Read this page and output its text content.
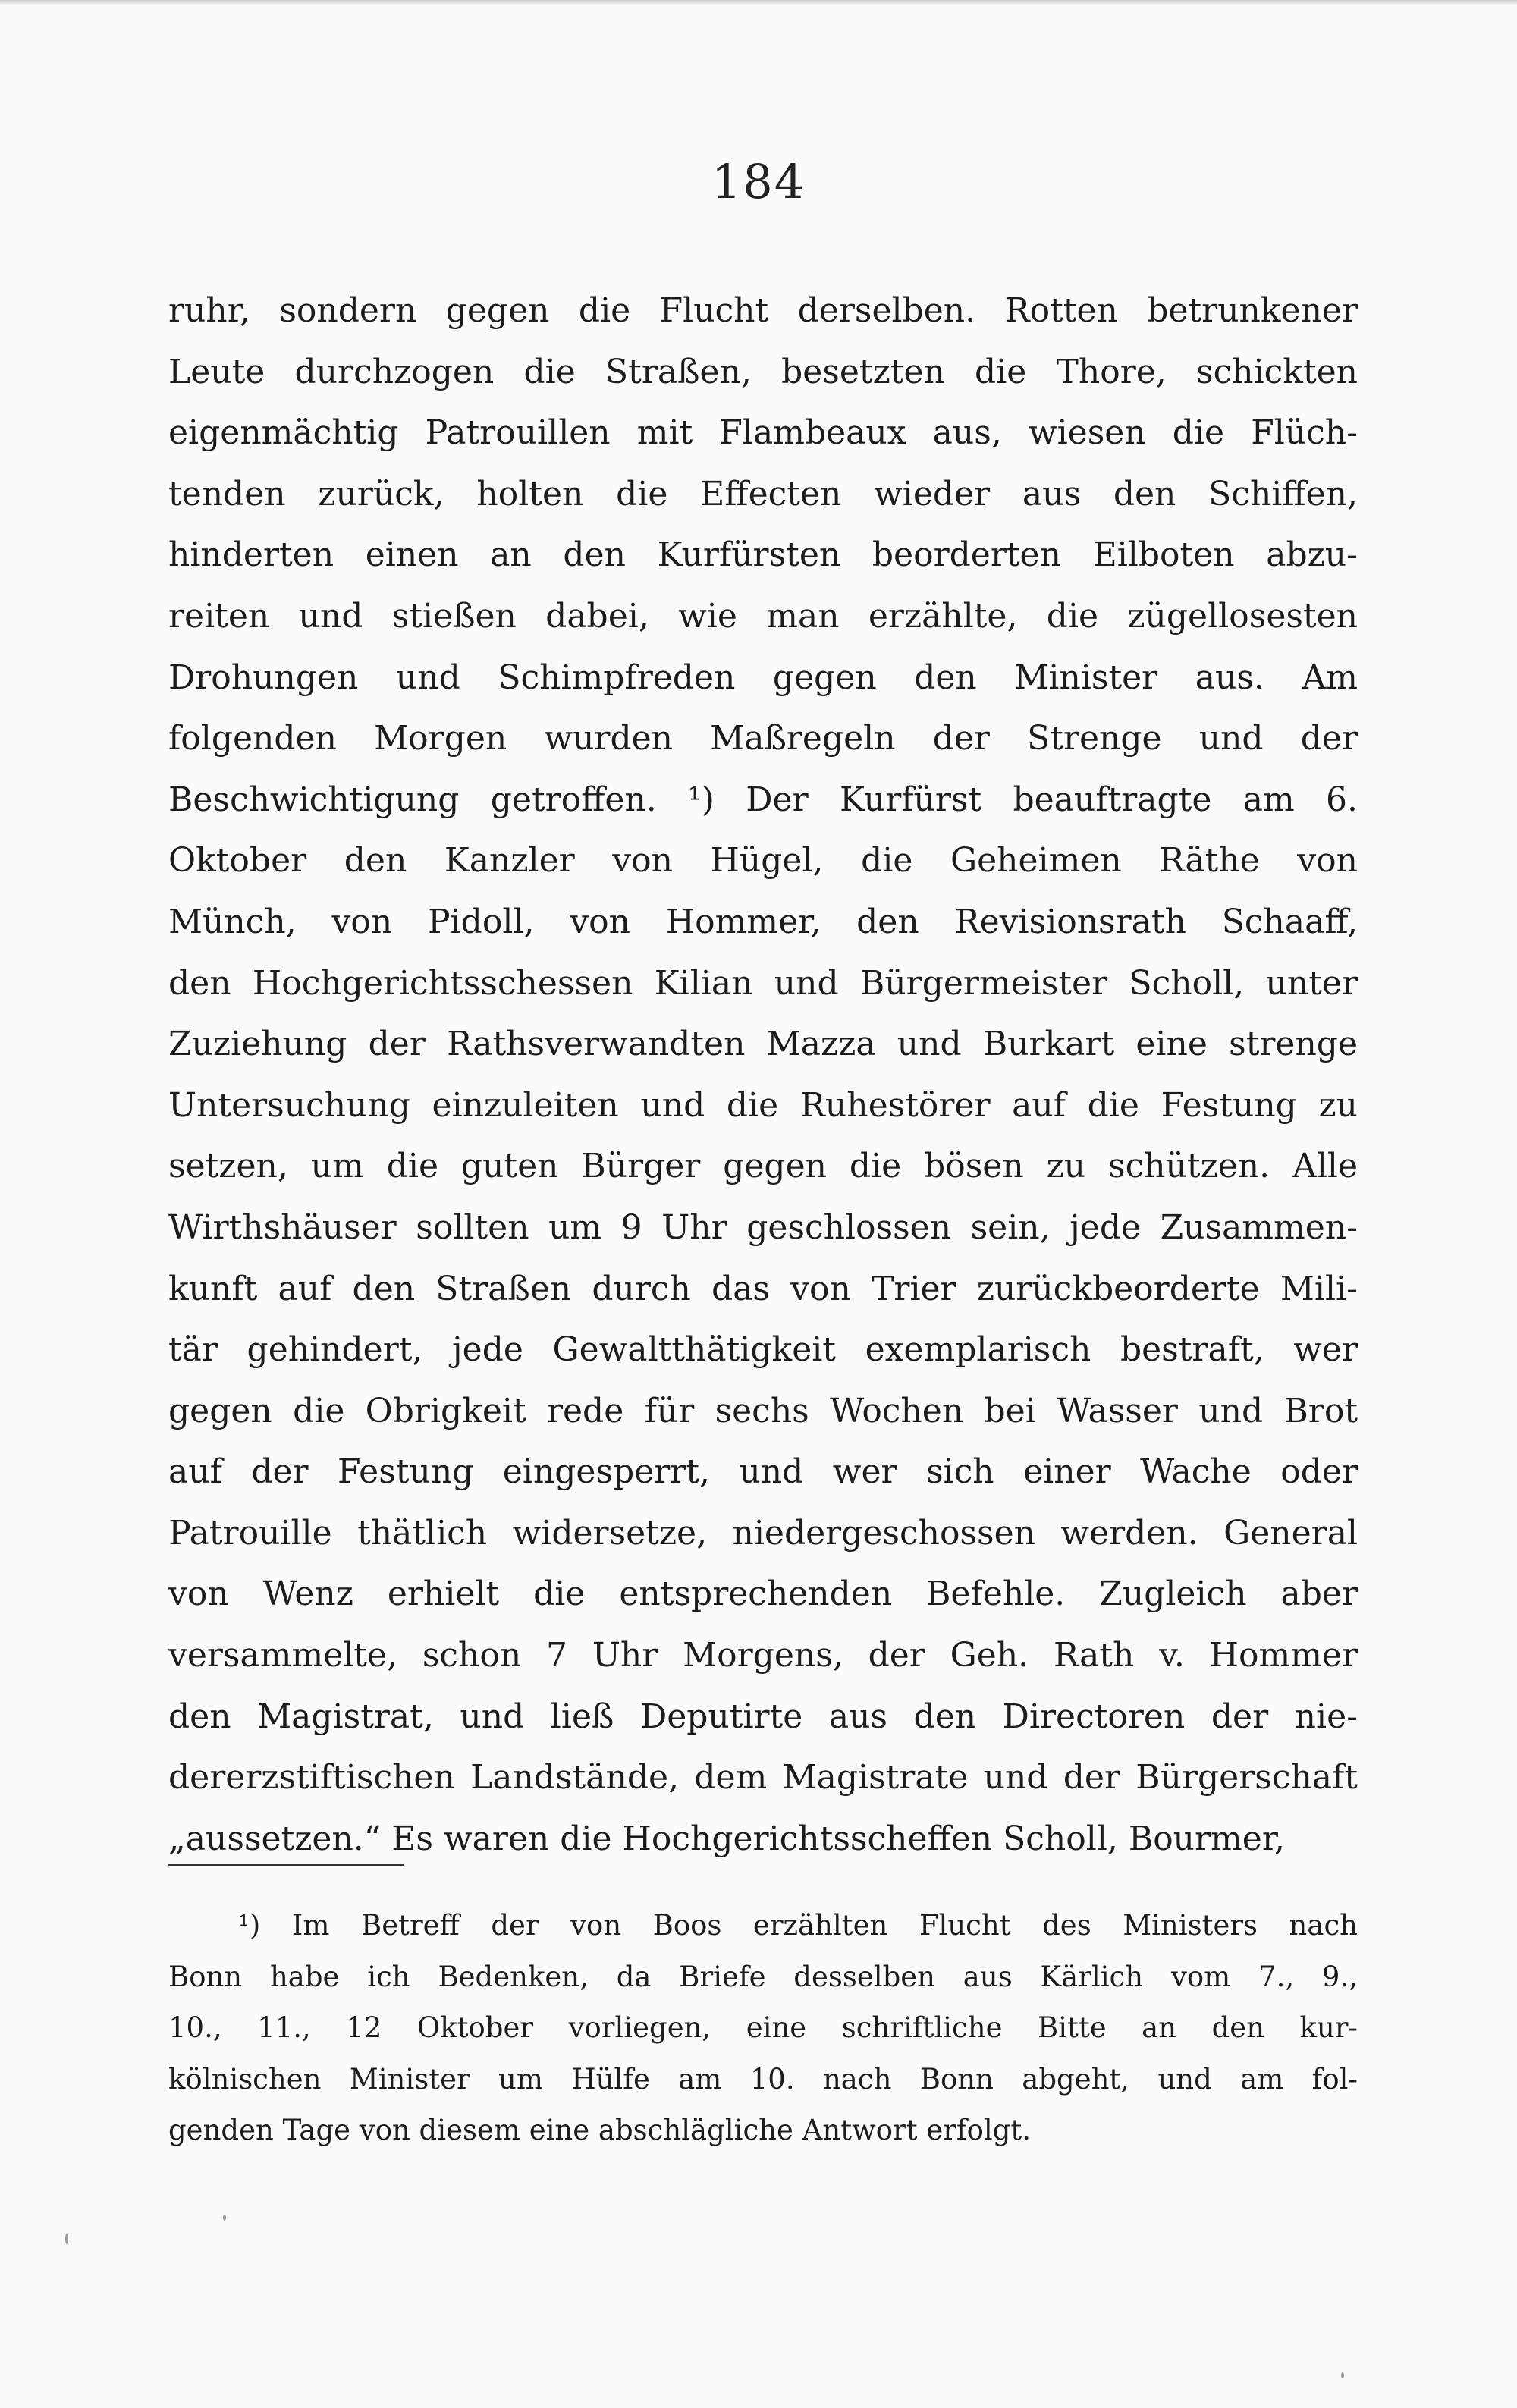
184
ruhr, sondern gegen die Flucht derselben. Rotten betrunkener
Leute durchzogen die Straßen, besetzten die Thore, schickten
eigenmächtig Patrouillen mit Flambeaux aus, wiesen die Flüch-
tenden zurück, holten die Effecten wieder aus den Schiffen,
hinderten einen an den Kurfürsten beorderten Eilboten abzu-
reiten und stießen dabei, wie man erzählte, die zügellosesten
Drohungen und Schimpfreden gegen den Minister aus. Am
folgenden Morgen wurden Maßregeln der Strenge und der
Beschwichtigung getroffen. ¹) Der Kurfürst beauftragte am 6.
Oktober den Kanzler von Hügel, die Geheimen Räthe von
Münch, von Pidoll, von Hommer, den Revisionsrath Schaaff,
den Hochgerichtsschessen Kilian und Bürgermeister Scholl, unter
Zuziehung der Rathsverwandten Mazza und Burkart eine strenge
Untersuchung einzuleiten und die Ruhestörer auf die Festung zu
setzen, um die guten Bürger gegen die bösen zu schützen. Alle
Wirthshäuser sollten um 9 Uhr geschlossen sein, jede Zusammen-
kunft auf den Straßen durch das von Trier zurückbeorderte Mili-
tär gehindert, jede Gewaltthätigkeit exemplarisch bestraft, wer
gegen die Obrigkeit rede für sechs Wochen bei Wasser und Brot
auf der Festung eingesperrt, und wer sich einer Wache oder
Patrouille thätlich widersetze, niedergeschossen werden. General
von Wenz erhielt die entsprechenden Befehle. Zugleich aber
versammelte, schon 7 Uhr Morgens, der Geh. Rath v. Hommer
den Magistrat, und ließ Deputirte aus den Directoren der nie-
dererzstiftischen Landstände, dem Magistrate und der Bürgerschaft
„aussetzen.“ Es waren die Hochgerichtsscheffen Scholl, Bourmer,
¹) Im Betreff der von Boos erzählten Flucht des Ministers nach
Bonn habe ich Bedenken, da Briefe desselben aus Kärlich vom 7., 9.,
10., 11., 12 Oktober vorliegen, eine schriftliche Bitte an den kur-
kölnischen Minister um Hülfe am 10. nach Bonn abgeht, und am fol-
genden Tage von diesem eine abschlägliche Antwort erfolgt.
